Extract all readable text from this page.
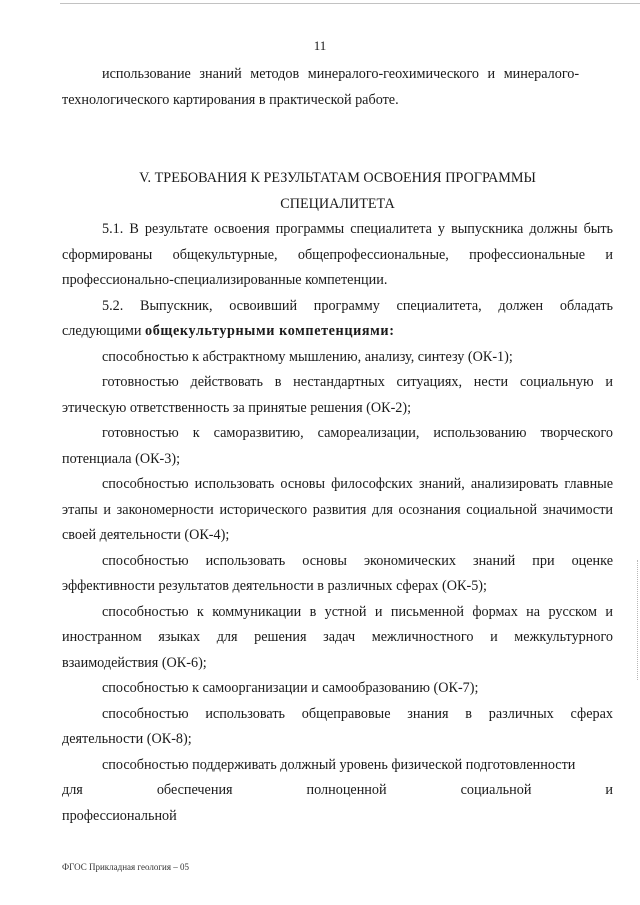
11

использование знаний методов минералого-геохимического и минералого-

технологического картирования в практической работе.

V. ТРЕБОВАНИЯ К РЕЗУЛЬТАТАМ ОСВОЕНИЯ ПРОГРАММЫ

СПЕЦИАЛИТЕТА

5.1. В результате освоения программы специалитета у выпускника должны быть сформированы общекультурные, общепрофессиональные, профессиональные и профессионально-специализированные компетенции.

5.2. Выпускник, освоивший программу специалитета, должен обладать следующими общекультурными компетенциями:

способностью к абстрактному мышлению, анализу, синтезу (ОК-1);

готовностью действовать в нестандартных ситуациях, нести социальную и этическую ответственность за принятые решения (ОК-2);

готовностью к саморазвитию, самореализации, использованию творческого потенциала (ОК-3);

способностью использовать основы философских знаний, анализировать главные этапы и закономерности исторического развития для осознания социальной значимости своей деятельности (ОК-4);

способностью использовать основы экономических знаний при оценке эффективности результатов деятельности в различных сферах (ОК-5);

способностью к коммуникации в устной и письменной формах на русском и иностранном языках для решения задач межличностного и межкультурного взаимодействия (ОК-6);

способностью к самоорганизации и самообразованию (ОК-7);

способностью использовать общеправовые знания в различных сферах деятельности (ОК-8);

способностью поддерживать должный уровень физической подготовленности

для обеспечения полноценной социальной и профессиональной

ФГОС Прикладная геология – 05
